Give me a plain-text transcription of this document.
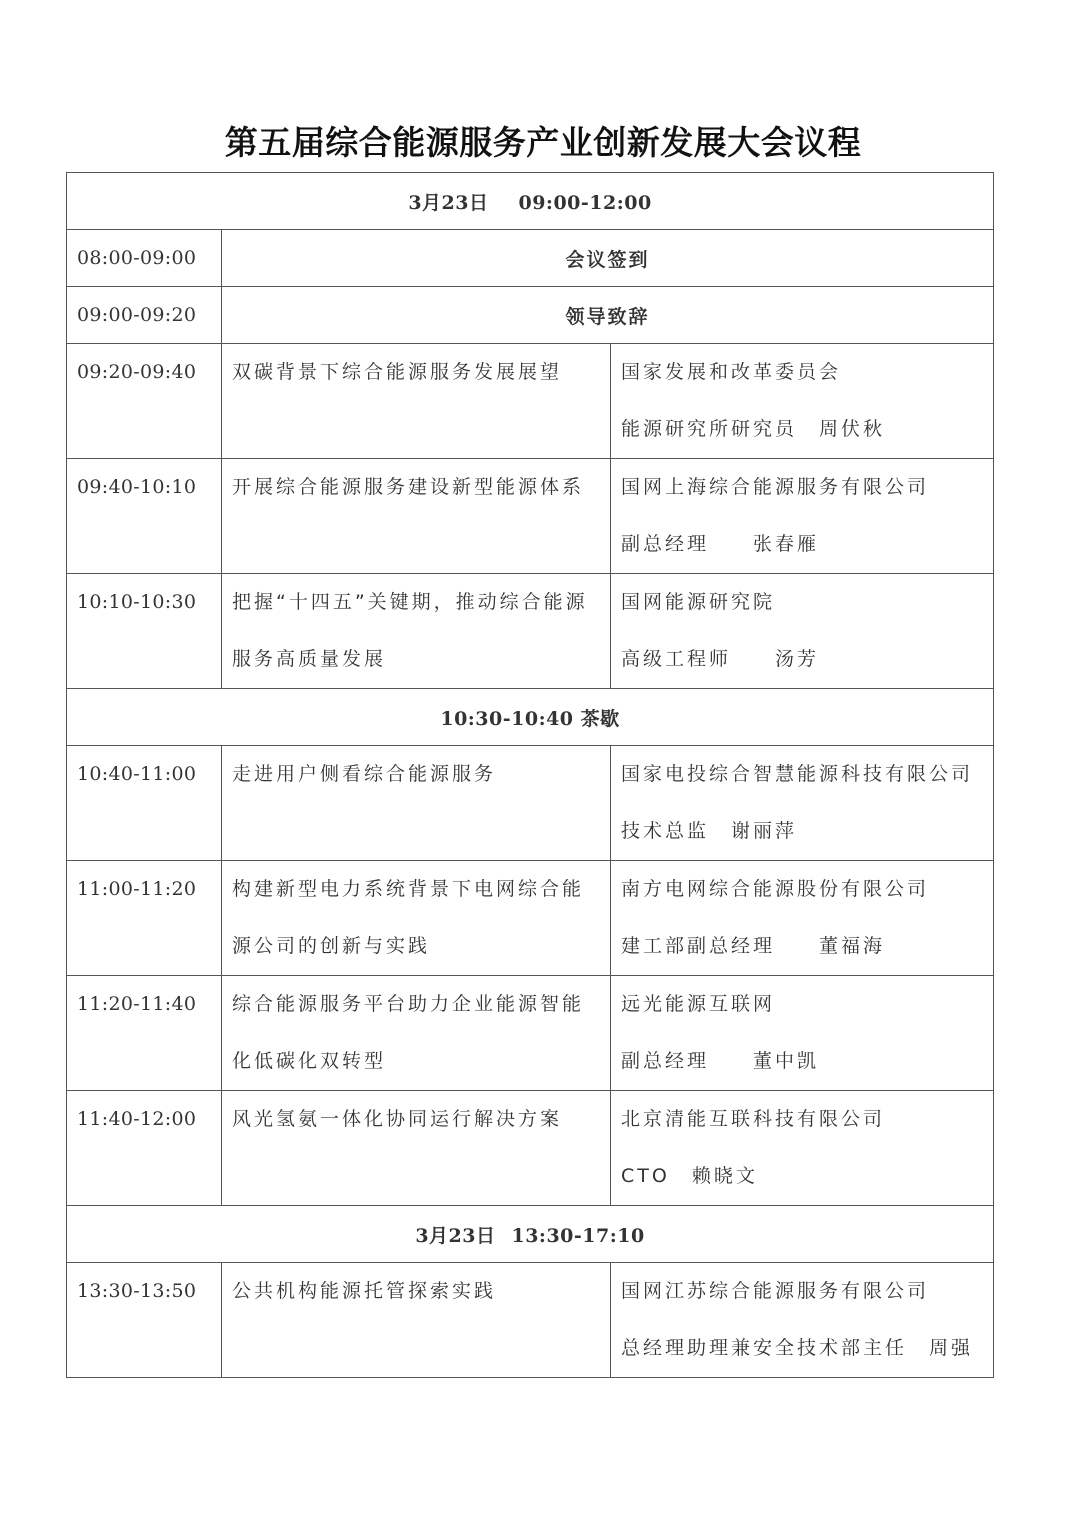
第五届综合能源服务产业创新发展大会议程
3月23日 09:00-12:00		

08:00-09:00	会议签到	

09:00-09:20	领导致辞	

09:20-09:40	双碳背景下综合能源服务发展展望	国家发展和改革委员会
能源研究所研究员　周伏秋

09:40-10:10	开展综合能源服务建设新型能源体系	国网上海综合能源服务有限公司
副总经理　　张春雁

10:10-10:30	把握“十四五”关键期，推动综合能源服务高质量发展	国网能源研究院
高级工程师　　汤芳

10:30-10:40 茶歇		

10:40-11:00	走进用户侧看综合能源服务	国家电投综合智慧能源科技有限公司
技术总监　谢丽萍

11:00-11:20	构建新型电力系统背景下电网综合能源公司的创新与实践	南方电网综合能源股份有限公司
建工部副总经理　　董福海

11:20-11:40	综合能源服务平台助力企业能源智能化低碳化双转型	远光能源互联网
副总经理　　董中凯

11:40-12:00	风光氢氨一体化协同运行解决方案	北京清能互联科技有限公司
CTO　赖晓文

3月23日 13:30-17:10		

13:30-13:50	公共机构能源托管探索实践	国网江苏综合能源服务有限公司
总经理助理兼安全技术部主任　周强
